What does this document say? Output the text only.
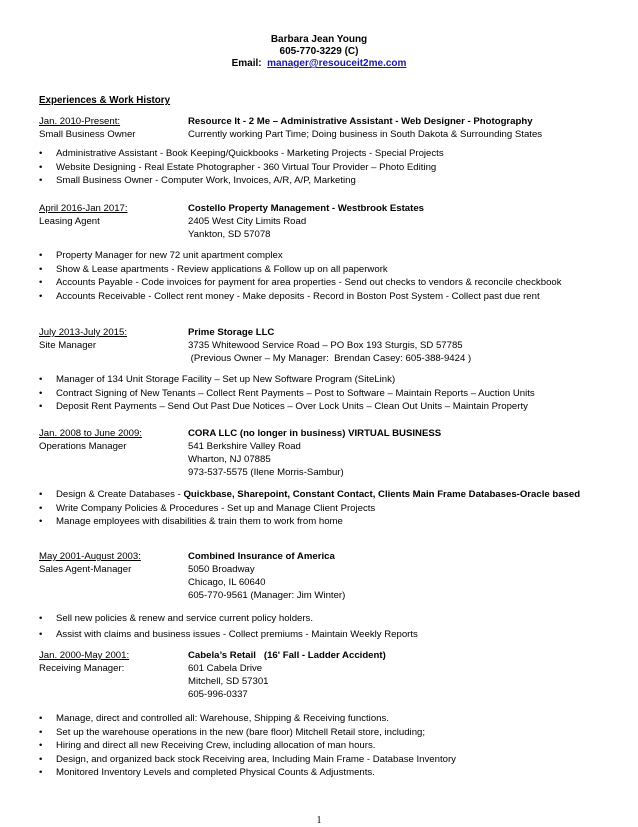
Barbara Jean Young
605-770-3229 (C)
Email: manager@resouceit2me.com
Experiences & Work History
Jan. 2010-Present:
Small Business Owner
Resource It - 2 Me – Administrative Assistant - Web Designer - Photography
Currently working Part Time; Doing business in South Dakota & Surrounding States
• Administrative Assistant - Book Keeping/Quickbooks - Marketing Projects - Special Projects
• Website Designing - Real Estate Photographer - 360 Virtual Tour Provider – Photo Editing
• Small Business Owner - Computer Work, Invoices, A/R, A/P, Marketing
April 2016-Jan 2017:
Leasing Agent
Costello Property Management - Westbrook Estates
2405 West City Limits Road
Yankton, SD 57078
• Property Manager for new 72 unit apartment complex
• Show & Lease apartments - Review applications & Follow up on all paperwork
• Accounts Payable - Code invoices for payment for area properties - Send out checks to vendors & reconcile checkbook
• Accounts Receivable - Collect rent money - Make deposits - Record in Boston Post System - Collect past due rent
July 2013-July 2015:
Site Manager
Prime Storage LLC
3735 Whitewood Service Road – PO Box 193 Sturgis, SD 57785
(Previous Owner – My Manager:  Brendan Casey: 605-388-9424 )
• Manager of 134 Unit Storage Facility – Set up New Software Program (SiteLink)
• Contract Signing of New Tenants – Collect Rent Payments – Post to Software – Maintain Reports – Auction Units
• Deposit Rent Payments – Send Out Past Due Notices – Over Lock Units – Clean Out Units – Maintain Property
Jan. 2008 to June 2009:
Operations Manager
CORA LLC (no longer in business) VIRTUAL BUSINESS
541 Berkshire Valley Road
Wharton, NJ 07885
973-537-5575 (Ilene Morris-Sambur)
• Design & Create Databases - Quickbase, Sharepoint, Constant Contact, Clients Main Frame Databases-Oracle based
• Write Company Policies & Procedures - Set up and Manage Client Projects
• Manage employees with disabilities & train them to work from home
May 2001-August 2003:
Sales Agent-Manager
Combined Insurance of America
5050 Broadway
Chicago, IL 60640
605-770-9561 (Manager: Jim Winter)
• Sell new policies & renew and service current policy holders.
• Assist with claims and business issues - Collect premiums - Maintain Weekly Reports
Jan. 2000-May 2001:
Receiving Manager:
Cabela’s Retail   (16' Fall - Ladder Accident)
601 Cabela Drive
Mitchell, SD 57301
605-996-0337
• Manage, direct and controlled all: Warehouse, Shipping & Receiving functions.
• Set up the warehouse operations in the new (bare floor) Mitchell Retail store, including;
• Hiring and direct all new Receiving Crew, including allocation of man hours.
• Design, and organized back stock Receiving area, Including Main Frame - Database Inventory
• Monitored Inventory Levels and completed Physical Counts & Adjustments.
1
